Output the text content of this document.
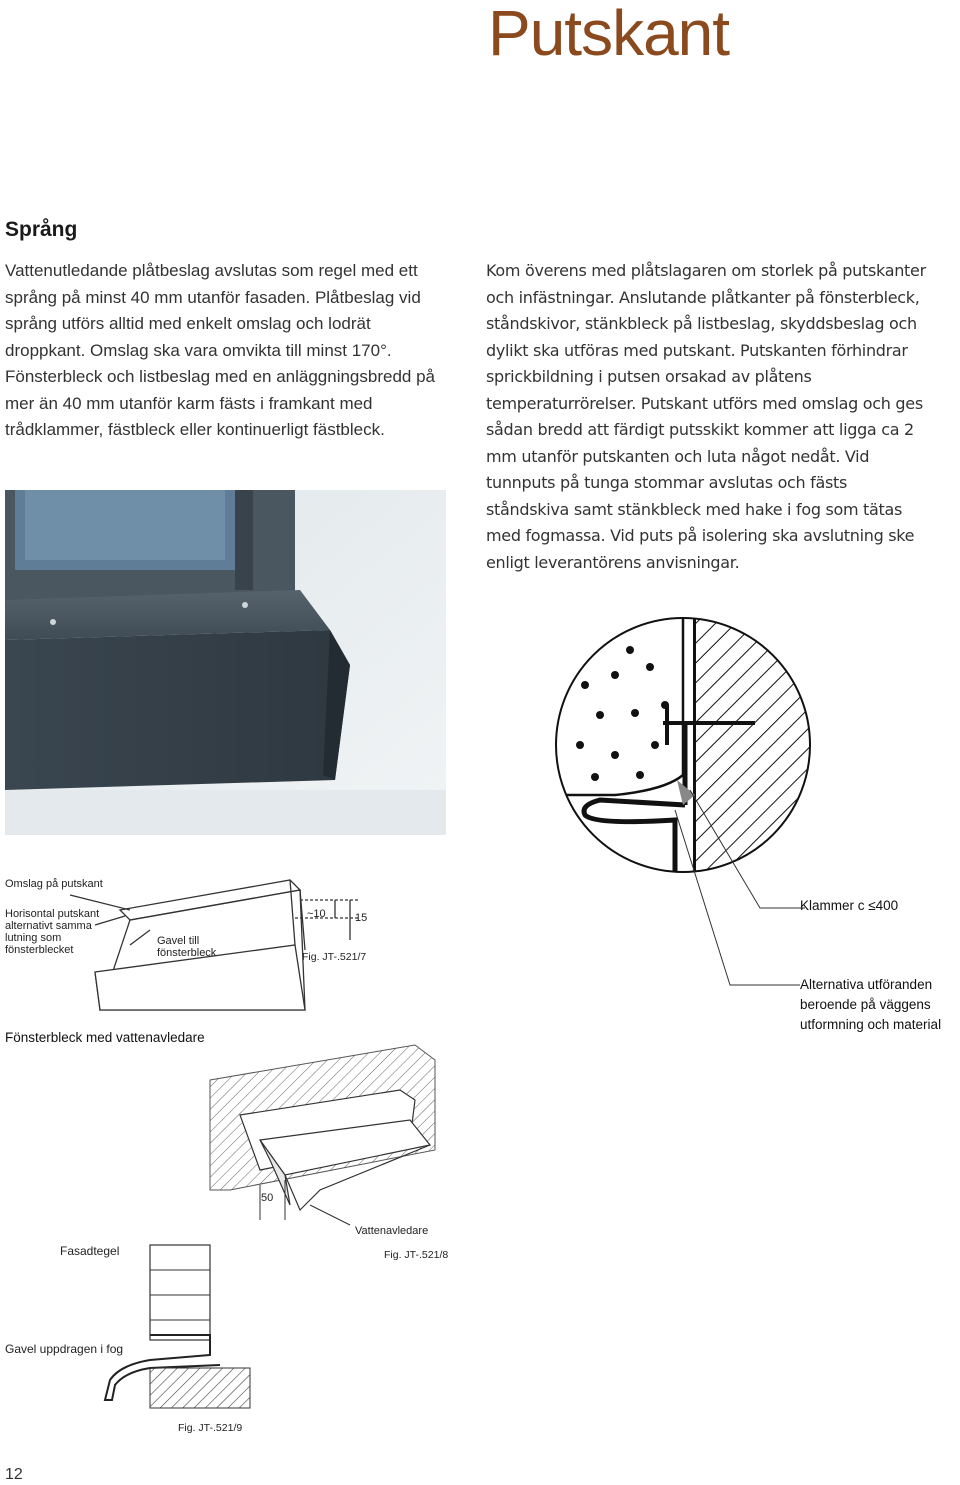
Putskant
Språng
Vattenutledande plåtbeslag avslutas som regel med ett språng på minst 40 mm utanför fasaden. Plåtbeslag vid språng utförs alltid med enkelt omslag och lodrät droppkant. Omslag ska vara omvikta till minst 170°. Fönsterbleck och listbeslag med en anläggningsbredd på mer än 40 mm utanför karm fästs i framkant med trådklammer, fästbleck eller kontinuerligt fästbleck.
Kom överens med plåtslagaren om storlek på putskanter och infästningar. Anslutande plåtkanter på fönsterbleck, ståndskivor, stänkbleck på listbeslag, skyddsbeslag och dylikt ska utföras med putskant. Putskanten förhindrar sprickbildning i putsen orsakad av plåtens temperaturrörelser. Putskant utförs med omslag och ges sådan bredd att färdigt putsskikt kommer att ligga ca 2 mm utanför putskanten och luta något nedåt. Vid tunnputs på tunga stommar avslutas och fästs ståndskiva samt stänkbleck med hake i fog som tätas med fogmassa. Vid puts på isolering ska avslutning ske enligt leverantörens anvisningar.
Klammer c ≤400
Alternativa utföranden beroende på väggens utformning och material
Omslag på putskant
Horisontal putskant alternativt samma lutning som fönsterblecket
Gavel till fönsterbleck
~10	15
Fig. JT-.521/7
Fönsterbleck med vattenavledare
50
Vattenavledare
Fig. JT-.521/8
Fasadtegel
Gavel uppdragen i fog
Fig. JT-.521/9
12
